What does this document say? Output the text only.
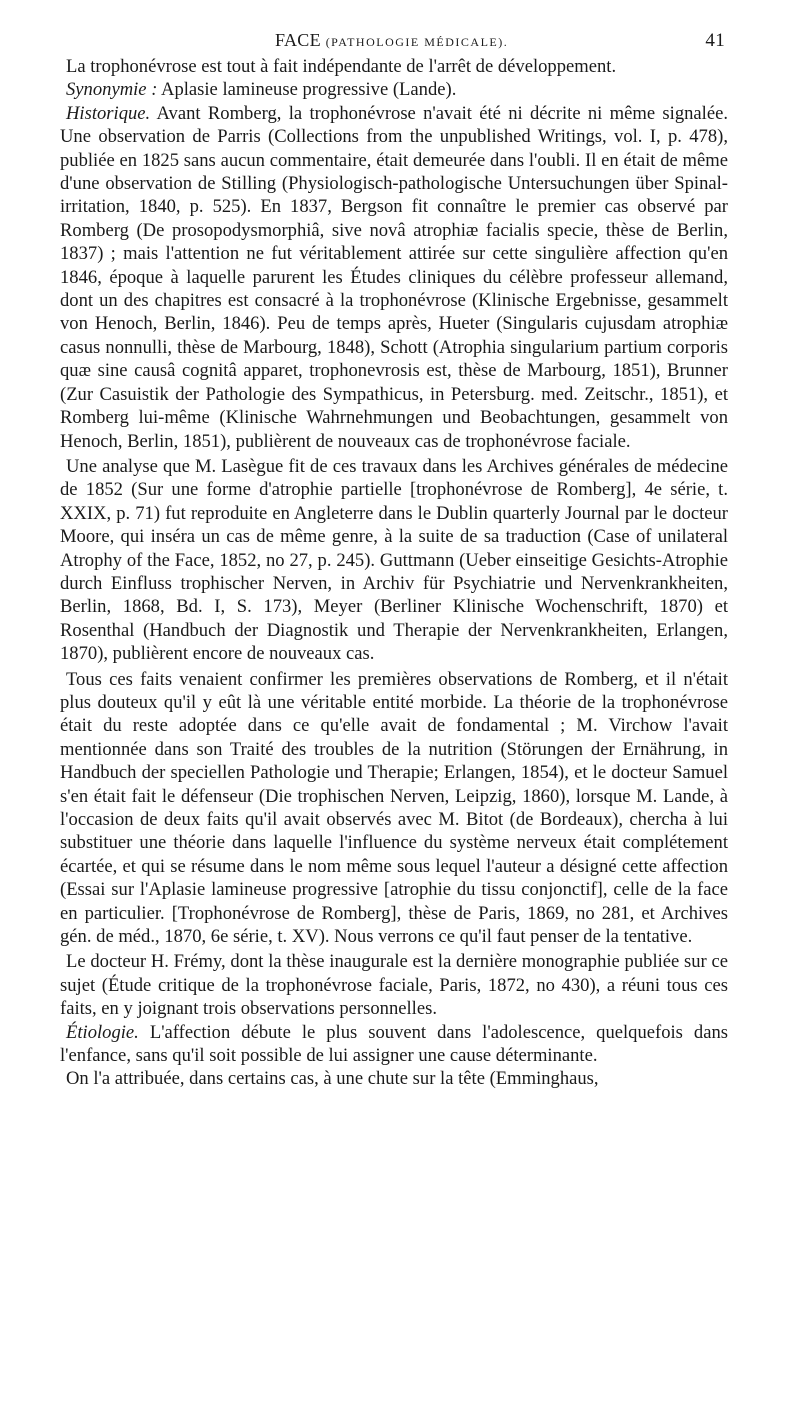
FACE (PATHOLOGIE MÉDICALE).	41

La trophonévrose est tout à fait indépendante de l'arrêt de développement.

Synonymie : Aplasie lamineuse progressive (Lande).

Historique. Avant Romberg, la trophonévrose n'avait été ni décrite ni même signalée. Une observation de Parris (Collections from the unpublished Writings, vol. I, p. 478), publiée en 1825 sans aucun commentaire, était demeurée dans l'oubli. Il en était de même d'une observation de Stilling (Physiologisch-pathologische Untersuchungen über Spinal-irritation, 1840, p. 525). En 1837, Bergson fit connaître le premier cas observé par Romberg (De prosopodysmorphiâ, sive novâ atrophiæ facialis specie, thèse de Berlin, 1837) ; mais l'attention ne fut véritablement attirée sur cette singulière affection qu'en 1846, époque à laquelle parurent les Études cliniques du célèbre professeur allemand, dont un des chapitres est consacré à la trophonévrose (Klinische Ergebnisse, gesammelt von Henoch, Berlin, 1846). Peu de temps après, Hueter (Singularis cujusdam atrophiæ casus nonnulli, thèse de Marbourg, 1848), Schott (Atrophia singularium partium corporis quæ sine causâ cognitâ apparet, trophonevrosis est, thèse de Marbourg, 1851), Brunner (Zur Casuistik der Pathologie des Sympathicus, in Petersburg. med. Zeitschr., 1851), et Romberg lui-même (Klinische Wahrnehmungen und Beobachtungen, gesammelt von Henoch, Berlin, 1851), publièrent de nouveaux cas de trophonévrose faciale.

Une analyse que M. Lasègue fit de ces travaux dans les Archives générales de médecine de 1852 (Sur une forme d'atrophie partielle [trophonévrose de Romberg], 4e série, t. XXIX, p. 71) fut reproduite en Angleterre dans le Dublin quarterly Journal par le docteur Moore, qui inséra un cas de même genre, à la suite de sa traduction (Case of unilateral Atrophy of the Face, 1852, no 27, p. 245). Guttmann (Ueber einseitige Gesichts-Atrophie durch Einfluss trophischer Nerven, in Archiv für Psychiatrie und Nervenkrankheiten, Berlin, 1868, Bd. I, S. 173), Meyer (Berliner Klinische Wochenschrift, 1870) et Rosenthal (Handbuch der Diagnostik und Therapie der Nervenkrankheiten, Erlangen, 1870), publièrent encore de nouveaux cas.

Tous ces faits venaient confirmer les premières observations de Romberg, et il n'était plus douteux qu'il y eût là une véritable entité morbide. La théorie de la trophonévrose était du reste adoptée dans ce qu'elle avait de fondamental ; M. Virchow l'avait mentionnée dans son Traité des troubles de la nutrition (Störungen der Ernährung, in Handbuch der speciellen Pathologie und Therapie; Erlangen, 1854), et le docteur Samuel s'en était fait le défenseur (Die trophischen Nerven, Leipzig, 1860), lorsque M. Lande, à l'occasion de deux faits qu'il avait observés avec M. Bitot (de Bordeaux), chercha à lui substituer une théorie dans laquelle l'influence du système nerveux était complétement écartée, et qui se résume dans le nom même sous lequel l'auteur a désigné cette affection (Essai sur l'Aplasie lamineuse progressive [atrophie du tissu conjonctif], celle de la face en particulier. [Trophonévrose de Romberg], thèse de Paris, 1869, no 281, et Archives gén. de méd., 1870, 6e série, t. XV). Nous verrons ce qu'il faut penser de la tentative.

Le docteur H. Frémy, dont la thèse inaugurale est la dernière monographie publiée sur ce sujet (Étude critique de la trophonévrose faciale, Paris, 1872, no 430), a réuni tous ces faits, en y joignant trois observations personnelles.

Étiologie. L'affection débute le plus souvent dans l'adolescence, quelquefois dans l'enfance, sans qu'il soit possible de lui assigner une cause déterminante.

On l'a attribuée, dans certains cas, à une chute sur la tête (Emminghaus,
